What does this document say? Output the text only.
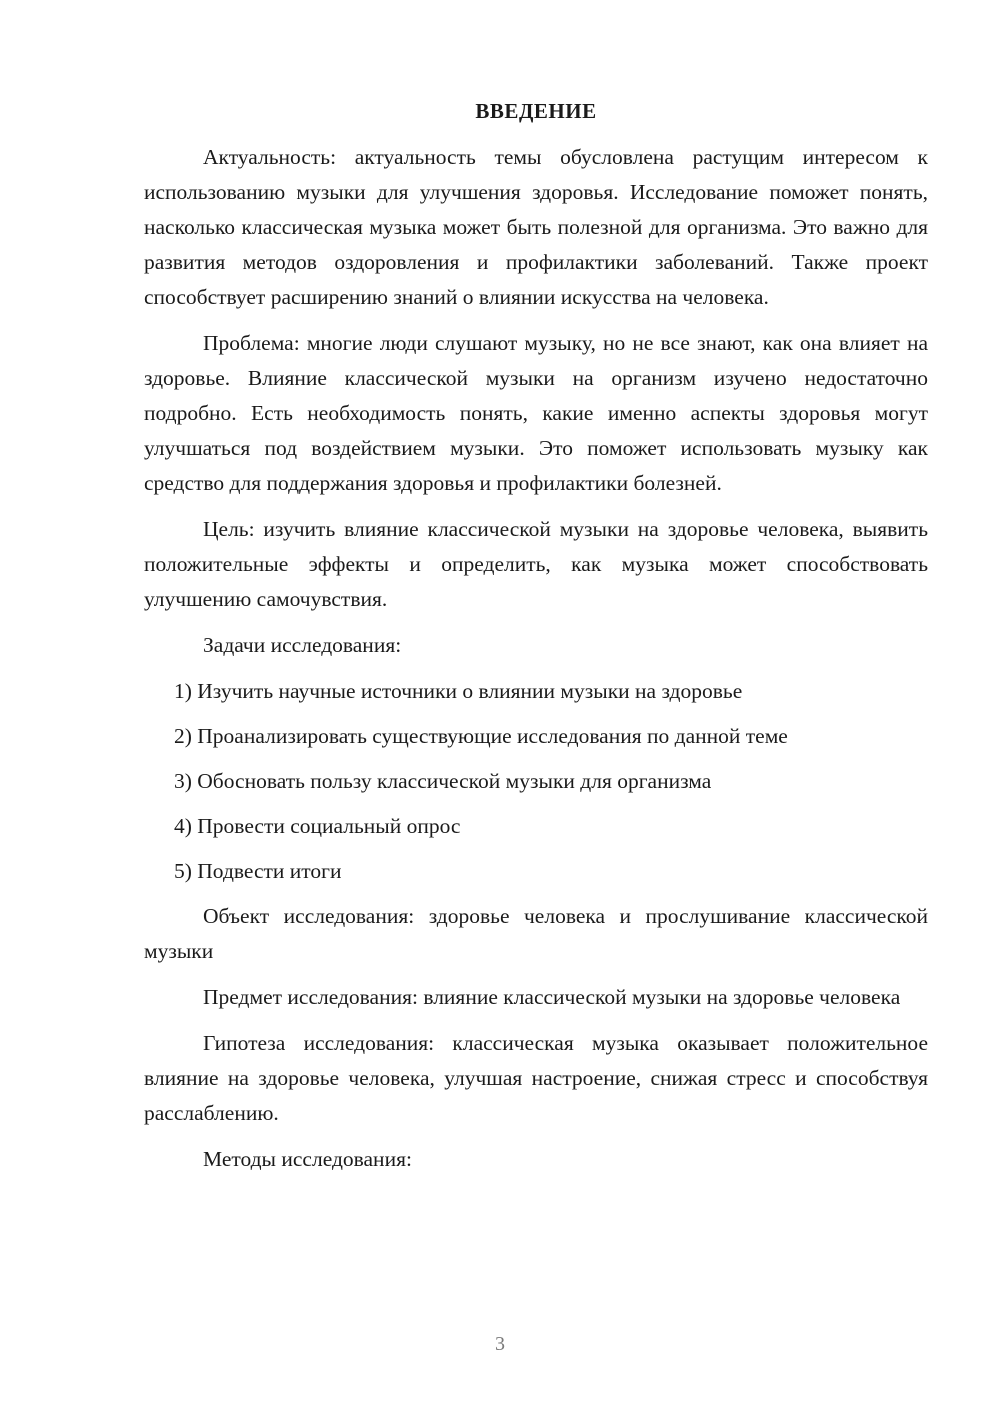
ВВЕДЕНИЕ

Актуальность: актуальность темы обусловлена растущим интересом к использованию музыки для улучшения здоровья. Исследование поможет понять, насколько классическая музыка может быть полезной для организма. Это важно для развития методов оздоровления и профилактики заболеваний. Также проект способствует расширению знаний о влиянии искусства на человека.

Проблема: многие люди слушают музыку, но не все знают, как она влияет на здоровье. Влияние классической музыки на организм изучено недостаточно подробно. Есть необходимость понять, какие именно аспекты здоровья могут улучшаться под воздействием музыки. Это поможет использовать музыку как средство для поддержания здоровья и профилактики болезней.

Цель: изучить влияние классической музыки на здоровье человека, выявить положительные эффекты и определить, как музыка может способствовать улучшению самочувствия.

Задачи исследования:

1) Изучить научные источники о влиянии музыки на здоровье
2) Проанализировать существующие исследования по данной теме
3) Обосновать пользу классической музыки для организма
4) Провести социальный опрос
5) Подвести итоги

Объект исследования: здоровье человека и прослушивание классической музыки

Предмет исследования: влияние классической музыки на здоровье человека

Гипотеза исследования: классическая музыка оказывает положительное влияние на здоровье человека, улучшая настроение, снижая стресс и способствуя расслаблению.

Методы исследования:

3
